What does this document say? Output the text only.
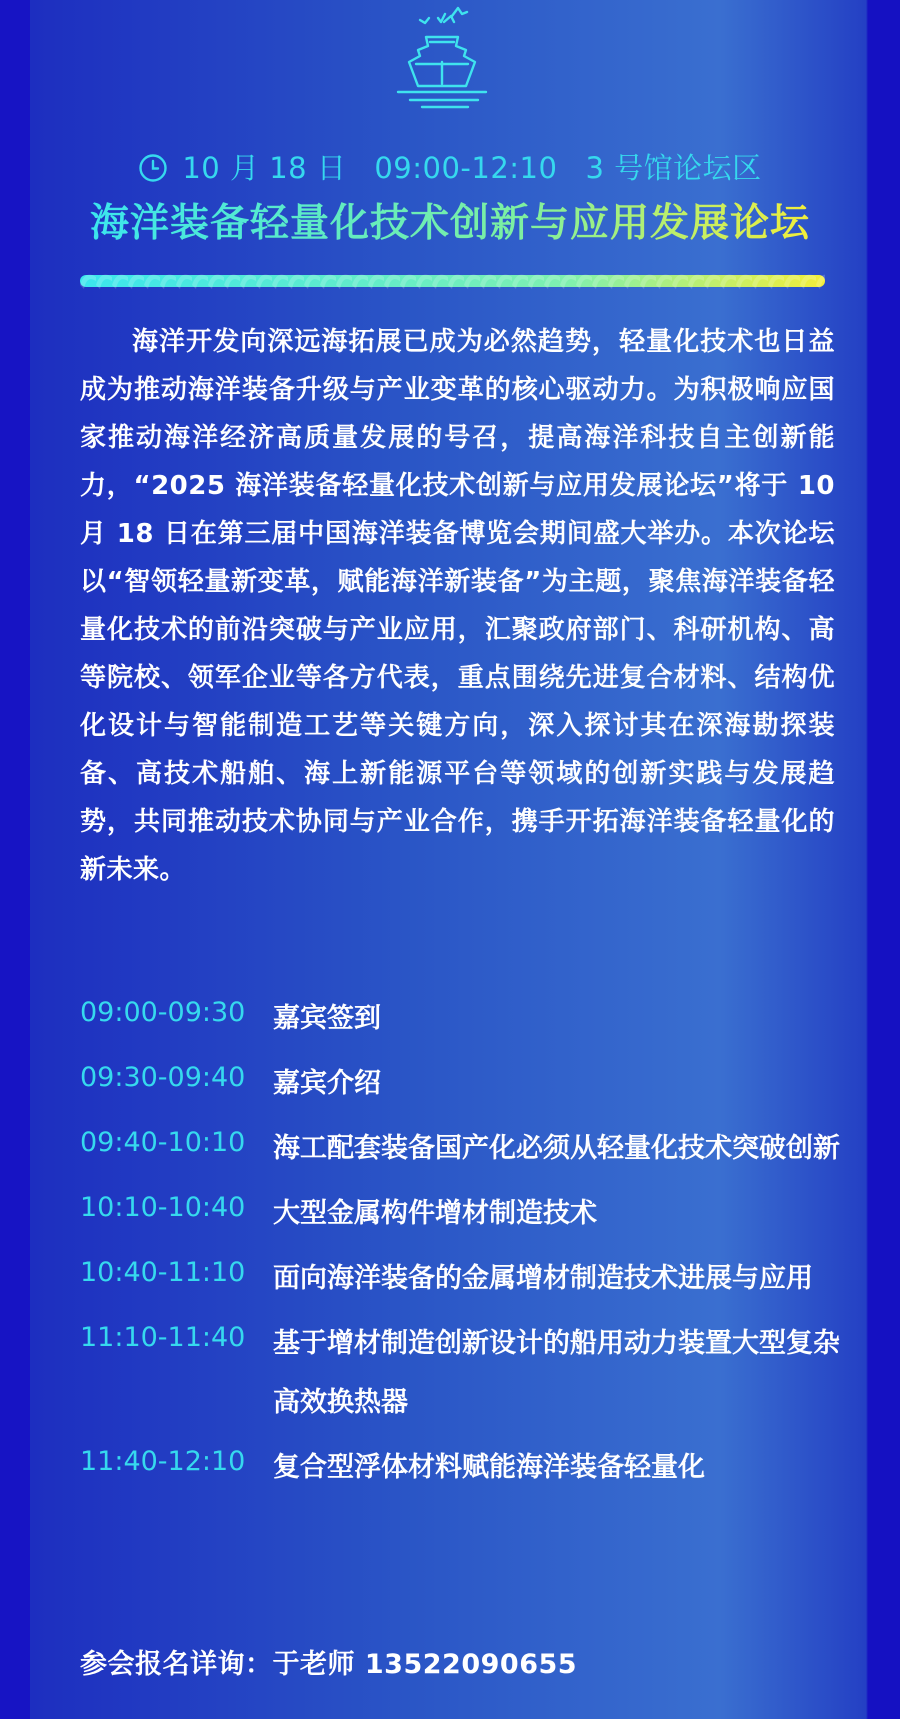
10 月 18 日 09:00-12:10 3 号馆论坛区
海洋装备轻量化技术创新与应用发展论坛
海洋开发向深远海拓展已成为必然趋势，轻量化技术也日益成为推动海洋装备升级与产业变革的核心驱动力。为积极响应国家推动海洋经济高质量发展的号召，提高海洋科技自主创新能力，“2025 海洋装备轻量化技术创新与应用发展论坛”将于 10 月 18 日在第三届中国海洋装备博览会期间盛大举办。本次论坛以“智领轻量新变革，赋能海洋新装备”为主题，聚焦海洋装备轻量化技术的前沿突破与产业应用，汇聚政府部门、科研机构、高等院校、领军企业等各方代表，重点围绕先进复合材料、结构优化设计与智能制造工艺等关键方向，深入探讨其在深海勘探装备、高技术船舶、海上新能源平台等领域的创新实践与发展趋势，共同推动技术协同与产业合作，携手开拓海洋装备轻量化的新未来。
09:00-09:30	嘉宾签到
09:30-09:40	嘉宾介绍
09:40-10:10	海工配套装备国产化必须从轻量化技术突破创新
10:10-10:40	大型金属构件增材制造技术
10:40-11:10	面向海洋装备的金属增材制造技术进展与应用
11:10-11:40	基于增材制造创新设计的船用动力装置大型复杂高效换热器
11:40-12:10	复合型浮体材料赋能海洋装备轻量化
参会报名详询：于老师 13522090655
